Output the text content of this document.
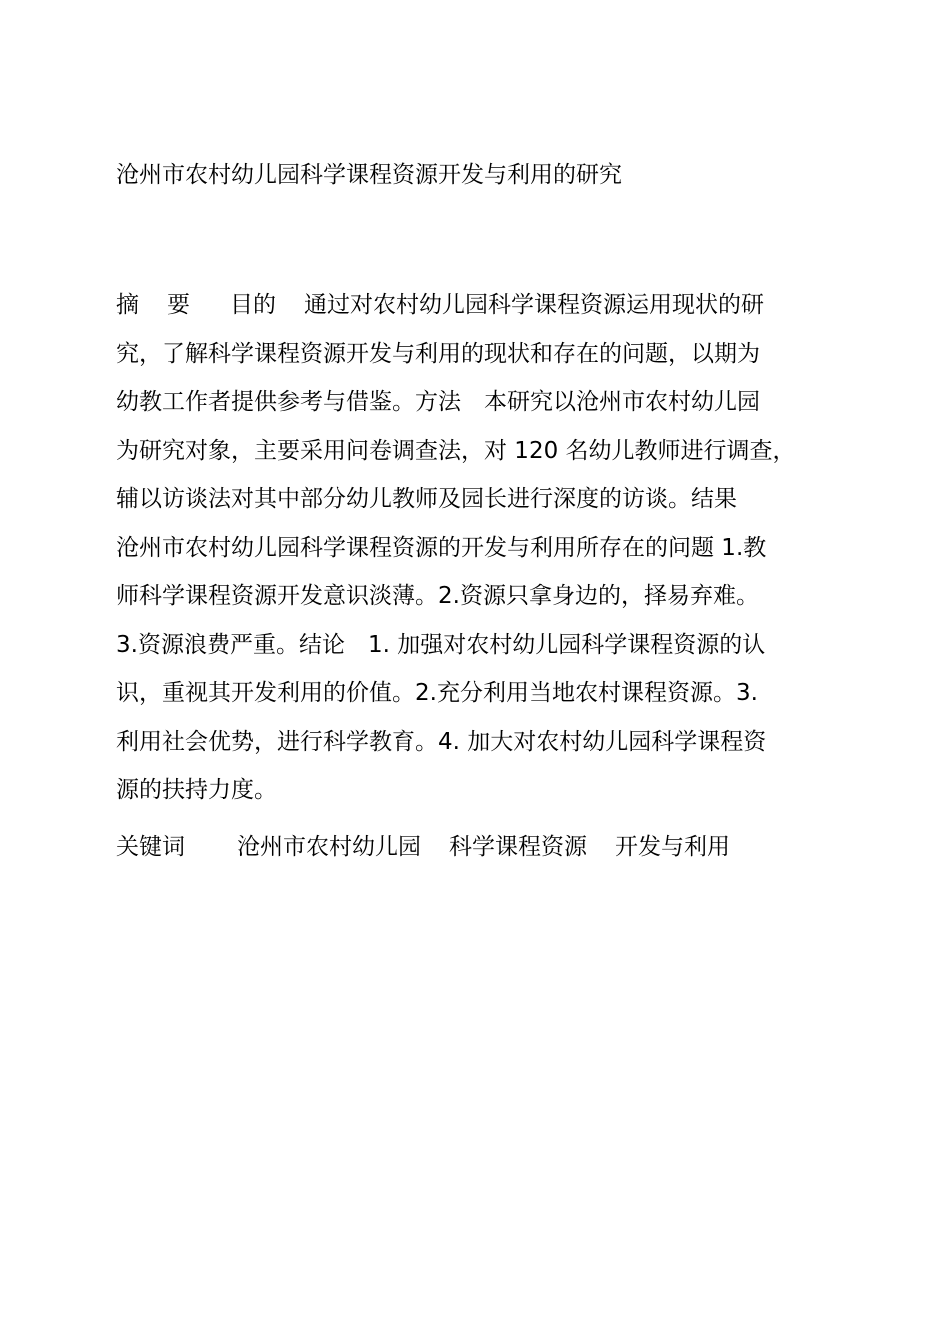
沧州市农村幼儿园科学课程资源开发与利用的研究
摘 要 目的 通过对农村幼儿园科学课程资源运用现状的研
究，了解科学课程资源开发与利用的现状和存在的问题，以期为
幼教工作者提供参考与借鉴。方法　本研究以沧州市农村幼儿园
为研究对象，主要采用问卷调查法，对 120 名幼儿教师进行调查，
辅以访谈法对其中部分幼儿教师及园长进行深度的访谈。结果
沧州市农村幼儿园科学课程资源的开发与利用所存在的问题 1.教
师科学课程资源开发意识淡薄。2.资源只拿身边的，择易弃难。
3.资源浪费严重。结论　1. 加强对农村幼儿园科学课程资源的认
识，重视其开发利用的价值。2.充分利用当地农村课程资源。3.
利用社会优势，进行科学教育。4. 加大对农村幼儿园科学课程资
源的扶持力度。
关键词 沧州市农村幼儿园 科学课程资源 开发与利用
